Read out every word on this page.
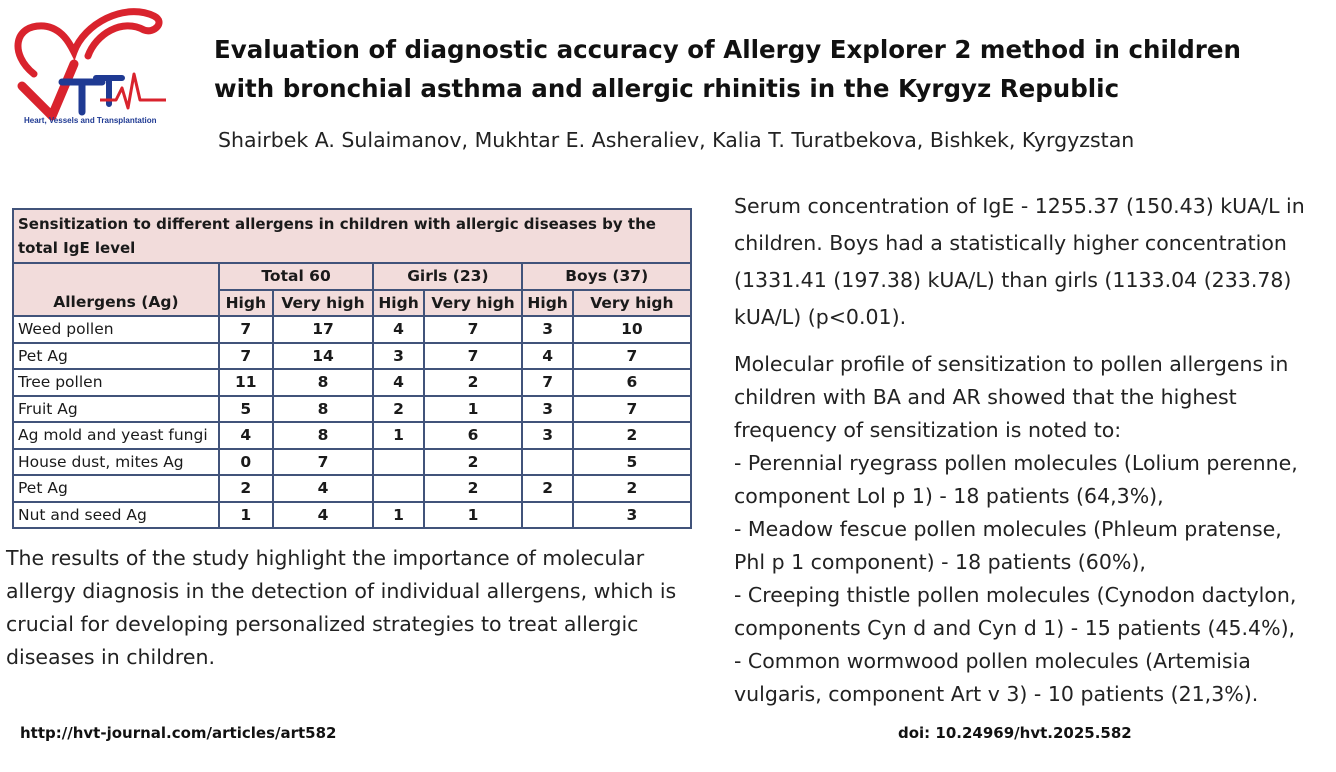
Heart, Vessels and Transplantation
Evaluation of diagnostic accuracy of Allergy Explorer 2 method in children
with bronchial asthma and allergic rhinitis in the Kyrgyz Republic
Shairbek A. Sulaimanov, Mukhtar E. Asheraliev, Kalia T. Turatbekova, Bishkek, Kyrgyzstan
Sensitization to different allergens in children with allergic diseases by the total IgE level						
Allergens (Ag)	Total 60		Girls (23)		Boys (37)	
	High	Very high	High	Very high	High	Very high
Weed pollen	7	17	4	7	3	10
Pet Ag	7	14	3	7	4	7
Tree pollen	11	8	4	2	7	6
Fruit Ag	5	8	2	1	3	7
Ag mold and yeast fungi	4	8	1	6	3	2
House dust, mites Ag	0	7		2		5
Pet Ag	2	4		2	2	2
Nut and seed Ag	1	4	1	1		3
The results of the study highlight the importance of molecular allergy diagnosis in the detection of individual allergens, which is crucial for developing personalized strategies to treat allergic diseases in children.

Serum concentration of IgE - 1255.37 (150.43) kUA/L in children. Boys had a statistically higher concentration (1331.41 (197.38) kUA/L) than girls (1133.04 (233.78) kUA/L) (p<0.01).

Molecular profile of sensitization to pollen allergens in children with BA and AR showed that the highest frequency of sensitization is noted to:
- Perennial ryegrass pollen molecules (Lolium perenne,
component Lol p 1) - 18 patients (64,3%),
- Meadow fescue pollen molecules (Phleum pratense,
Phl p 1 component) - 18 patients (60%),
- Creeping thistle pollen molecules (Cynodon dactylon,
components Cyn d and Cyn d 1) - 15 patients (45.4%),
- Common wormwood pollen molecules (Artemisia
vulgaris, component Art v 3) - 10 patients (21,3%).

http://hvt-journal.com/articles/art582	doi: 10.24969/hvt.2025.582
